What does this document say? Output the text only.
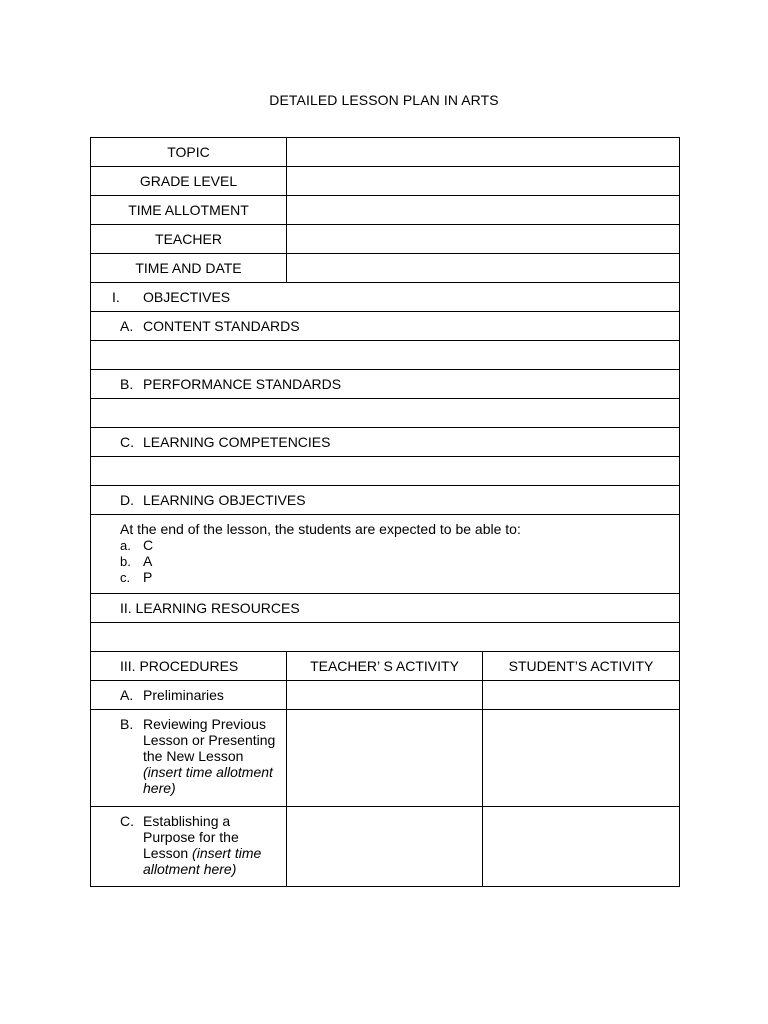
DETAILED LESSON PLAN IN ARTS
TOPIC		
GRADE LEVEL		
TIME ALLOTMENT		
TEACHER		
TIME AND DATE		
I. OBJECTIVES		
A. CONTENT STANDARDS		

B. PERFORMANCE STANDARDS		

C. LEARNING COMPETENCIES		

D. LEARNING OBJECTIVES		

At the end of the lesson, the students are expected to be able to:
a. C
b. A
c. P		

II. LEARNING RESOURCES		

III. PROCEDURES	TEACHER’ S ACTIVITY	STUDENT’S ACTIVITY
A. Preliminaries		

B. Reviewing Previous Lesson or Presenting the New Lesson (insert time allotment here)		

C. Establishing a Purpose for the Lesson (insert time allotment here)		
